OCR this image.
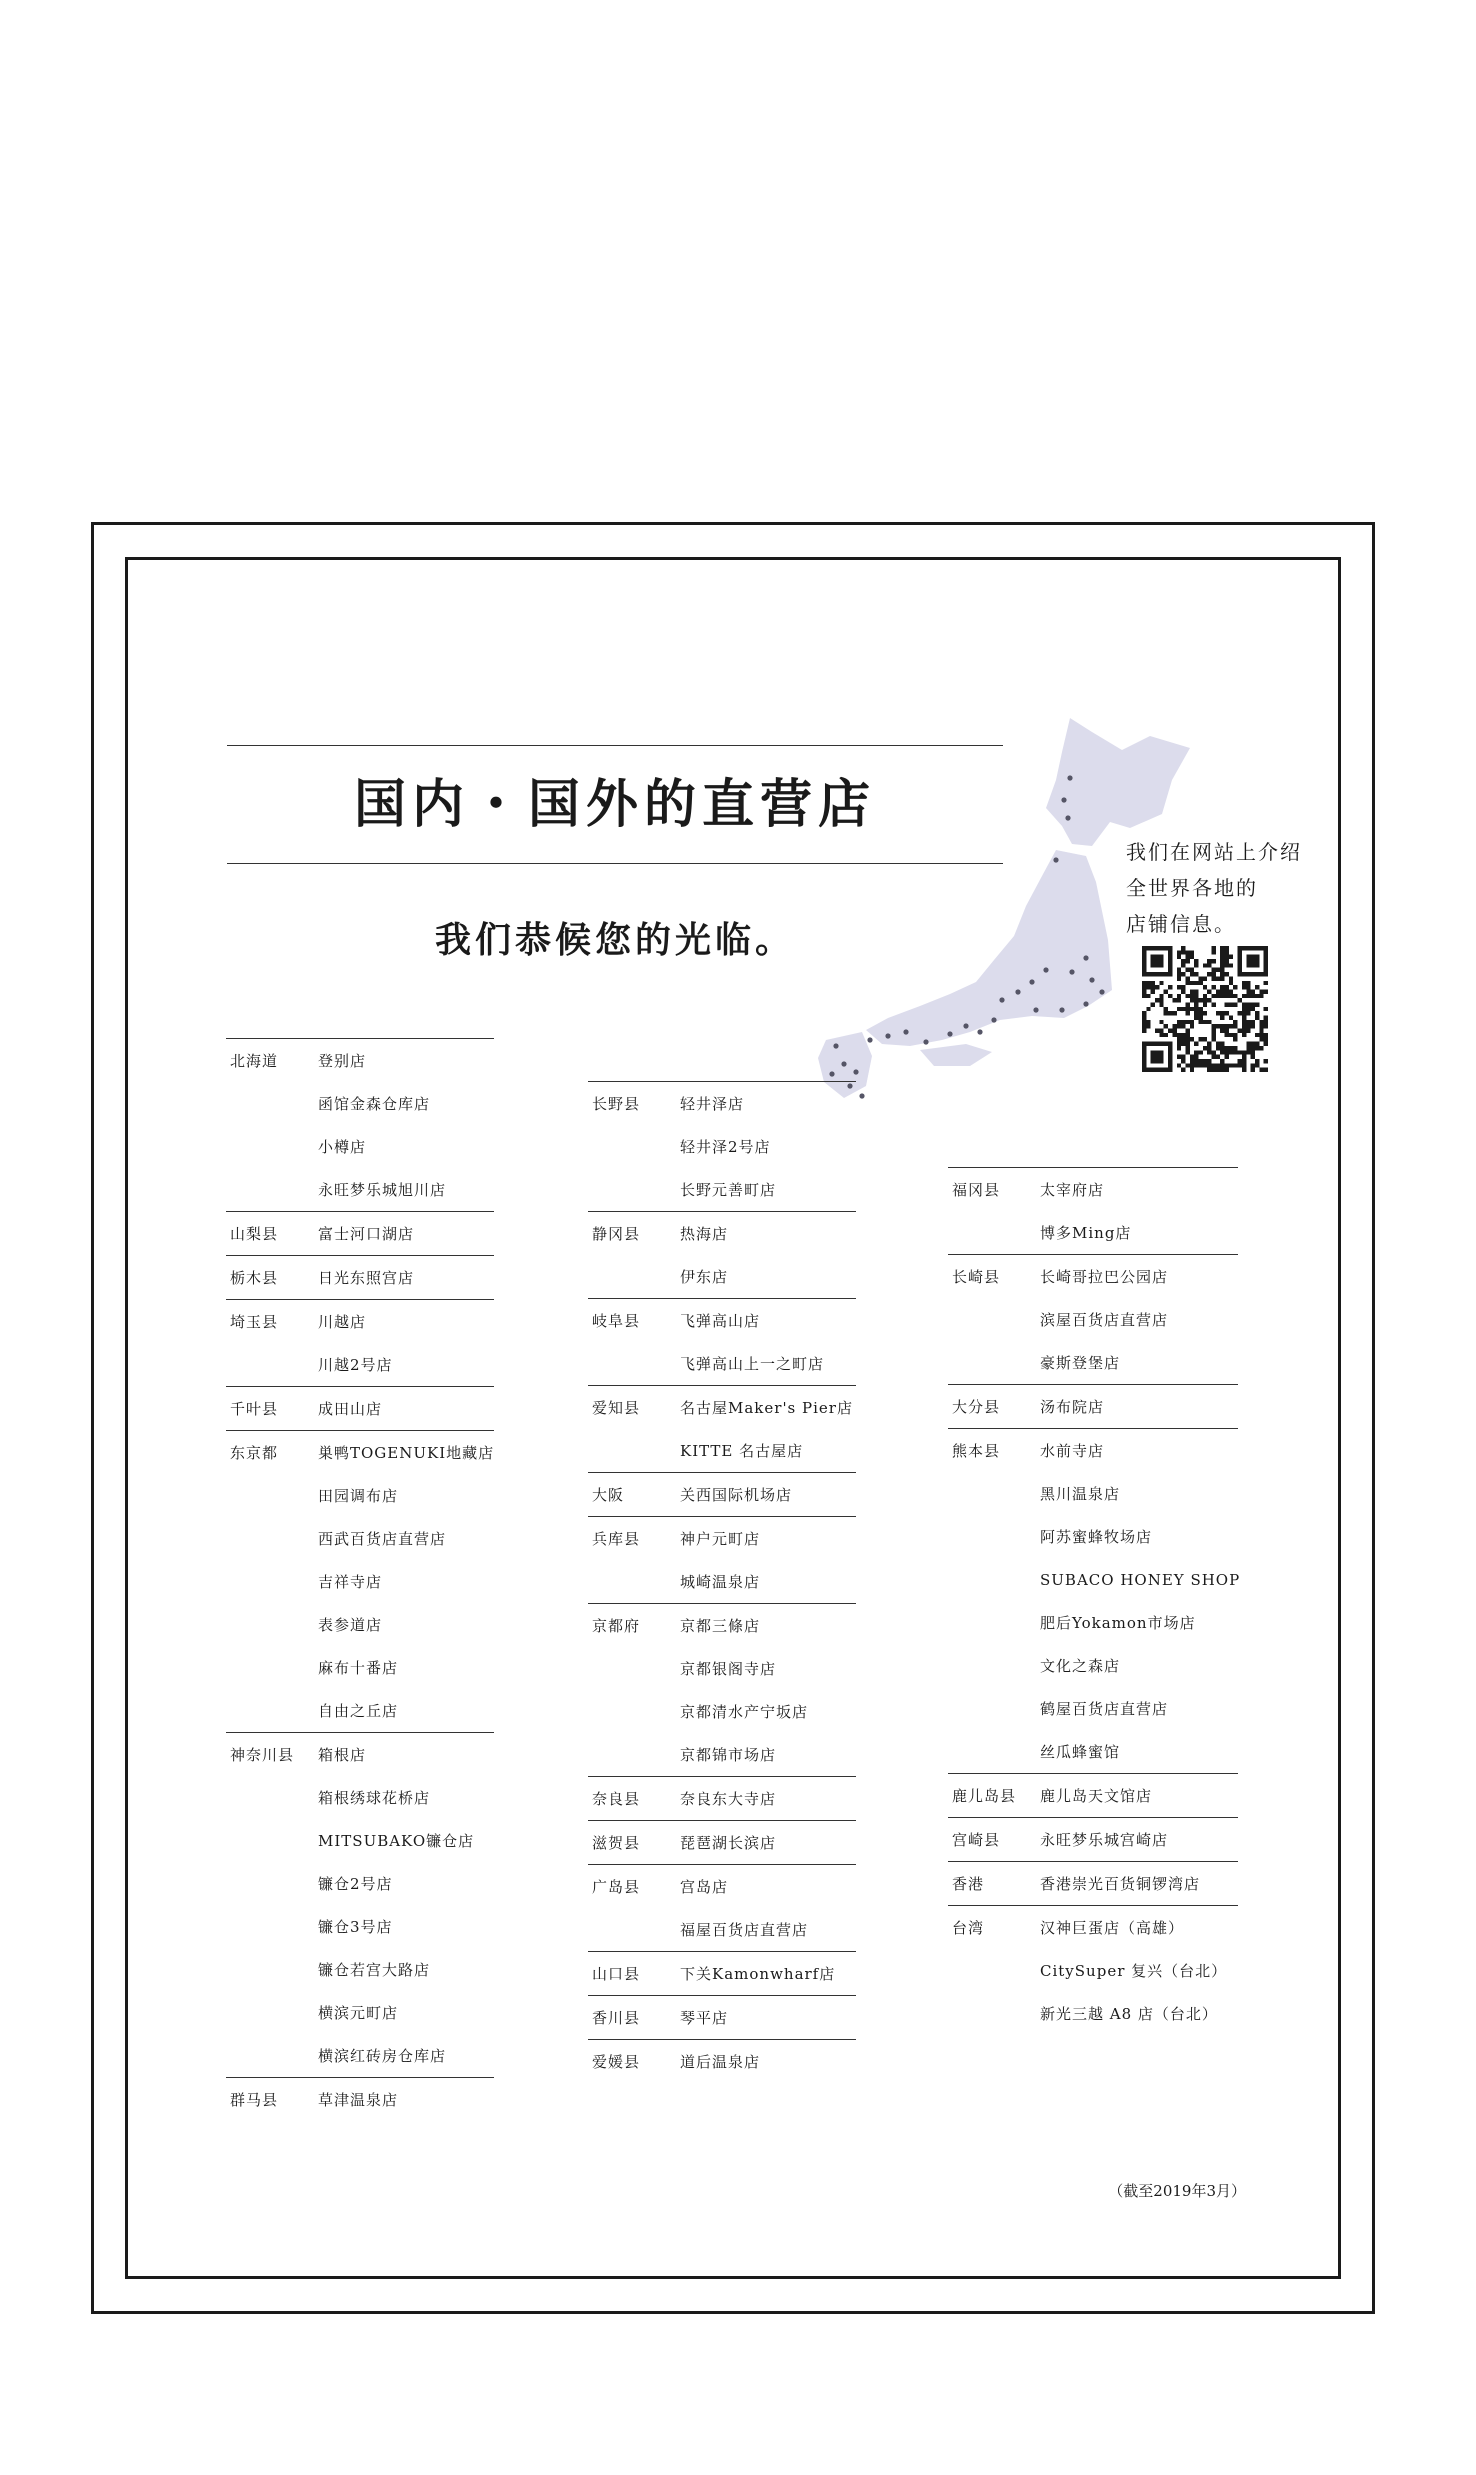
国内・国外的直营店
我们恭候您的光临。
我们在网站上介绍
全世界各地的
店铺信息。
北海道	登别店
函馆金森仓库店
小樽店
永旺梦乐城旭川店
山梨县	富士河口湖店
栃木县	日光东照宫店
埼玉县	川越店
川越2号店
千叶县	成田山店
东京都	巣鸭TOGENUKI地藏店
田园调布店
西武百货店直营店
吉祥寺店
表参道店
麻布十番店
自由之丘店
神奈川县	箱根店
箱根绣球花桥店
MITSUBAKO镰仓店
镰仓2号店
镰仓3号店
镰仓若宫大路店
横滨元町店
横滨红砖房仓库店
群马县	草津温泉店
长野县	轻井泽店
轻井泽2号店
长野元善町店
静冈县	热海店
伊东店
岐阜县	飞弹高山店
飞弹高山上一之町店
爱知县	名古屋Maker's Pier店
KITTE 名古屋店
大阪	关西国际机场店
兵库县	神户元町店
城崎温泉店
京都府	京都三條店
京都银阁寺店
京都清水产宁坂店
京都锦市场店
奈良县	奈良东大寺店
滋贺县	琵琶湖长滨店
广岛县	宫岛店
福屋百货店直营店
山口县	下关Kamonwharf店
香川县	琴平店
爱媛县	道后温泉店
福冈县	太宰府店
博多Ming店
长崎县	长崎哥拉巴公园店
滨屋百货店直营店
豪斯登堡店
大分县	汤布院店
熊本县	水前寺店
黑川温泉店
阿苏蜜蜂牧场店
SUBACO HONEY SHOP
肥后Yokamon市场店
文化之森店
鹤屋百货店直营店
丝瓜蜂蜜馆
鹿儿岛县	鹿儿岛天文馆店
宫崎县	永旺梦乐城宫崎店
香港	香港崇光百货铜锣湾店
台湾	汉神巨蛋店（高雄）
CitySuper 复兴（台北）
新光三越 A8 店（台北）
（截至2019年3月）
